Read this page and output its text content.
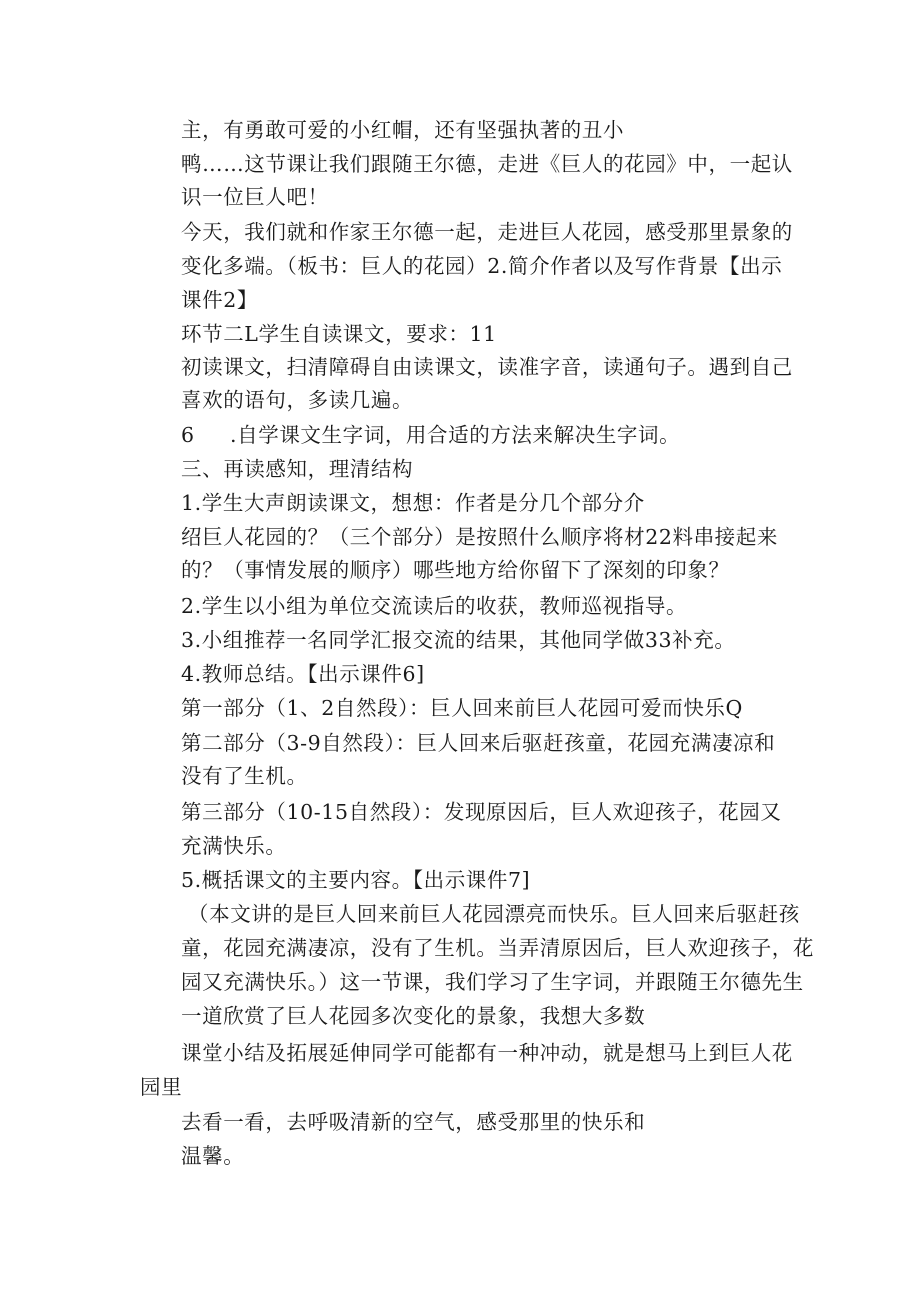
主，有勇敢可爱的小红帽，还有坚强执著的丑小

鸭……这节课让我们跟随王尔德，走进《巨人的花园》中，一起认

识一位巨人吧！

今天，我们就和作家王尔德一起，走进巨人花园，感受那里景象的

变化多端。（板书：巨人的花园）2.简介作者以及写作背景【出示

课件2】

环节二L学生自读课文，要求：11

初读课文，扫清障碍自由读课文，读准字音，读通句子。遇到自己

喜欢的语句，多读几遍。

6 .自学课文生字词，用合适的方法来解决生字词。

三、再读感知，理清结构

1.学生大声朗读课文，想想：作者是分几个部分介

绍巨人花园的？（三个部分）是按照什么顺序将材22料串接起来

的？（事情发展的顺序）哪些地方给你留下了深刻的印象？

2.学生以小组为单位交流读后的收获，教师巡视指导。

3.小组推荐一名同学汇报交流的结果，其他同学做33补充。

4.教师总结。【出示课件6]

第一部分（1、2自然段）：巨人回来前巨人花园可爱而快乐Q

第二部分（3-9自然段）：巨人回来后驱赶孩童，花园充满凄凉和

没有了生机。

第三部分（10-15自然段）：发现原因后，巨人欢迎孩子，花园又

充满快乐。

5.概括课文的主要内容。【出示课件7]

（本文讲的是巨人回来前巨人花园漂亮而快乐。巨人回来后驱赶孩

童，花园充满凄凉，没有了生机。当弄清原因后，巨人欢迎孩子，花

园又充满快乐。）这一节课，我们学习了生字词，并跟随王尔德先生

一道欣赏了巨人花园多次变化的景象，我想大多数

课堂小结及拓展延伸同学可能都有一种冲动，就是想马上到巨人花

园里

去看一看，去呼吸清新的空气，感受那里的快乐和

温馨。
